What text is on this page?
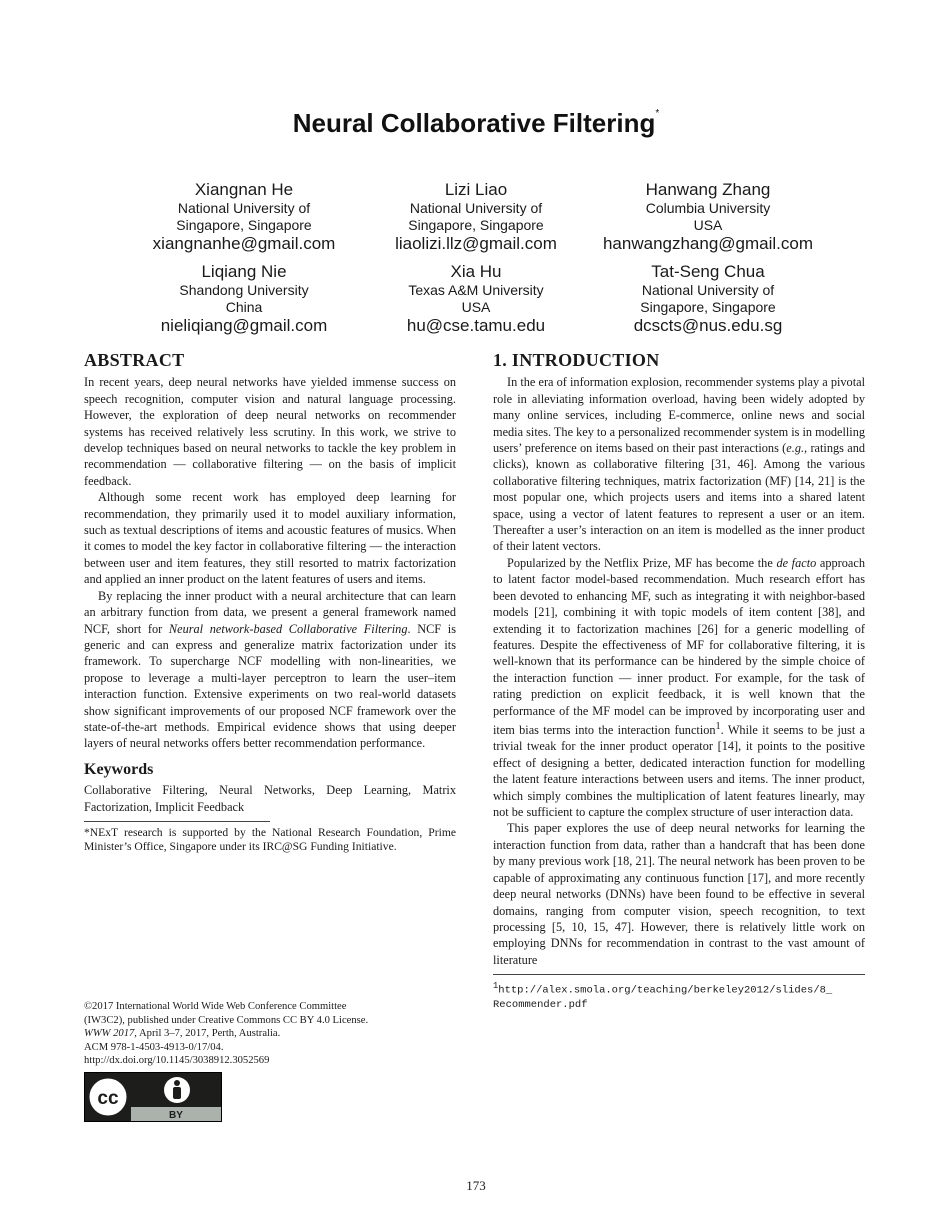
Neural Collaborative Filtering*
Xiangnan He
National University of
Singapore, Singapore
xiangnanhe@gmail.com
Lizi Liao
National University of
Singapore, Singapore
liaolizi.llz@gmail.com
Hanwang Zhang
Columbia University
USA
hanwangzhang@gmail.com
Liqiang Nie
Shandong University
China
nieliqiang@gmail.com
Xia Hu
Texas A&M University
USA
hu@cse.tamu.edu
Tat-Seng Chua
National University of
Singapore, Singapore
dcscts@nus.edu.sg
ABSTRACT

In recent years, deep neural networks have yielded immense success on speech recognition, computer vision and natural language processing. However, the exploration of deep neural networks on recommender systems has received relatively less scrutiny. In this work, we strive to develop techniques based on neural networks to tackle the key problem in recommendation — collaborative filtering — on the basis of implicit feedback.

Although some recent work has employed deep learning for recommendation, they primarily used it to model auxiliary information, such as textual descriptions of items and acoustic features of musics. When it comes to model the key factor in collaborative filtering — the interaction between user and item features, they still resorted to matrix factorization and applied an inner product on the latent features of users and items.

By replacing the inner product with a neural architecture that can learn an arbitrary function from data, we present a general framework named NCF, short for Neural network-based Collaborative Filtering. NCF is generic and can express and generalize matrix factorization under its framework. To supercharge NCF modelling with non-linearities, we propose to leverage a multi-layer perceptron to learn the user–item interaction function. Extensive experiments on two real-world datasets show significant improvements of our proposed NCF framework over the state-of-the-art methods. Empirical evidence shows that using deeper layers of neural networks offers better recommendation performance.

Keywords

Collaborative Filtering, Neural Networks, Deep Learning, Matrix Factorization, Implicit Feedback

*NExT research is supported by the National Research Foundation, Prime Minister’s Office, Singapore under its IRC@SG Funding Initiative.

©2017 International World Wide Web Conference Committee
(IW3C2), published under Creative Commons CC BY 4.0 License.
WWW 2017, April 3–7, 2017, Perth, Australia.
ACM 978-1-4503-4913-0/17/04.
http://dx.doi.org/10.1145/3038912.3052569
cc
BY
1. INTRODUCTION

In the era of information explosion, recommender systems play a pivotal role in alleviating information overload, having been widely adopted by many online services, including E-commerce, online news and social media sites. The key to a personalized recommender system is in modelling users’ preference on items based on their past interactions (e.g., ratings and clicks), known as collaborative filtering [31, 46]. Among the various collaborative filtering techniques, matrix factorization (MF) [14, 21] is the most popular one, which projects users and items into a shared latent space, using a vector of latent features to represent a user or an item. Thereafter a user’s interaction on an item is modelled as the inner product of their latent vectors.

Popularized by the Netflix Prize, MF has become the de facto approach to latent factor model-based recommendation. Much research effort has been devoted to enhancing MF, such as integrating it with neighbor-based models [21], combining it with topic models of item content [38], and extending it to factorization machines [26] for a generic modelling of features. Despite the effectiveness of MF for collaborative filtering, it is well-known that its performance can be hindered by the simple choice of the interaction function — inner product. For example, for the task of rating prediction on explicit feedback, it is well known that the performance of the MF model can be improved by incorporating user and item bias terms into the interaction function$^1$. While it seems to be just a trivial tweak for the inner product operator [14], it points to the positive effect of designing a better, dedicated interaction function for modelling the latent feature interactions between users and items. The inner product, which simply combines the multiplication of latent features linearly, may not be sufficient to capture the complex structure of user interaction data.

This paper explores the use of deep neural networks for learning the interaction function from data, rather than a handcraft that has been done by many previous work [18, 21]. The neural network has been proven to be capable of approximating any continuous function [17], and more recently deep neural networks (DNNs) have been found to be effective in several domains, ranging from computer vision, speech recognition, to text processing [5, 10, 15, 47]. However, there is relatively little work on employing DNNs for recommendation in contrast to the vast amount of literature

$^1$http://alex.smola.org/teaching/berkeley2012/slides/8_
Recommender.pdf
173
